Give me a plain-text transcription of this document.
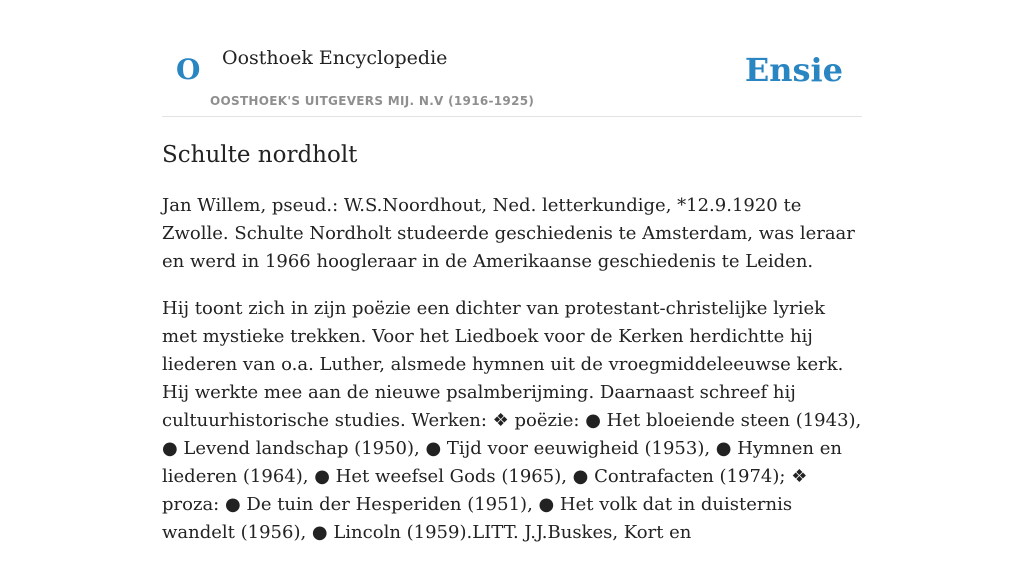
O Oosthoek Encyclopedie
OOSTHOEK'S UITGEVERS MIJ. N.V (1916-1925)
Ensie
Schulte nordholt

Jan Willem, pseud.: W.S.Noordhout, Ned. letterkundige, *12.9.1920 te Zwolle. Schulte Nordholt studeerde geschiedenis te Amsterdam, was leraar en werd in 1966 hoogleraar in de Amerikaanse geschiedenis te Leiden.

Hij toont zich in zijn poëzie een dichter van protestant-christelijke lyriek met mystieke trekken. Voor het Liedboek voor de Kerken herdichtte hij liederen van o.a. Luther, alsmede hymnen uit de vroegmiddeleeuwse kerk. Hij werkte mee aan de nieuwe psalmberijming. Daarnaast schreef hij cultuurhistorische studies. Werken: ❖ poëzie: ● Het bloeiende steen (1943), ● Levend landschap (1950), ● Tijd voor eeuwigheid (1953), ● Hymnen en liederen (1964), ● Het weefsel Gods (1965), ● Contrafacten (1974); ❖ proza: ● De tuin der Hesperiden (1951), ● Het volk dat in duisternis wandelt (1956), ● Lincoln (1959).LITT. J.J.Buskes, Kort en
